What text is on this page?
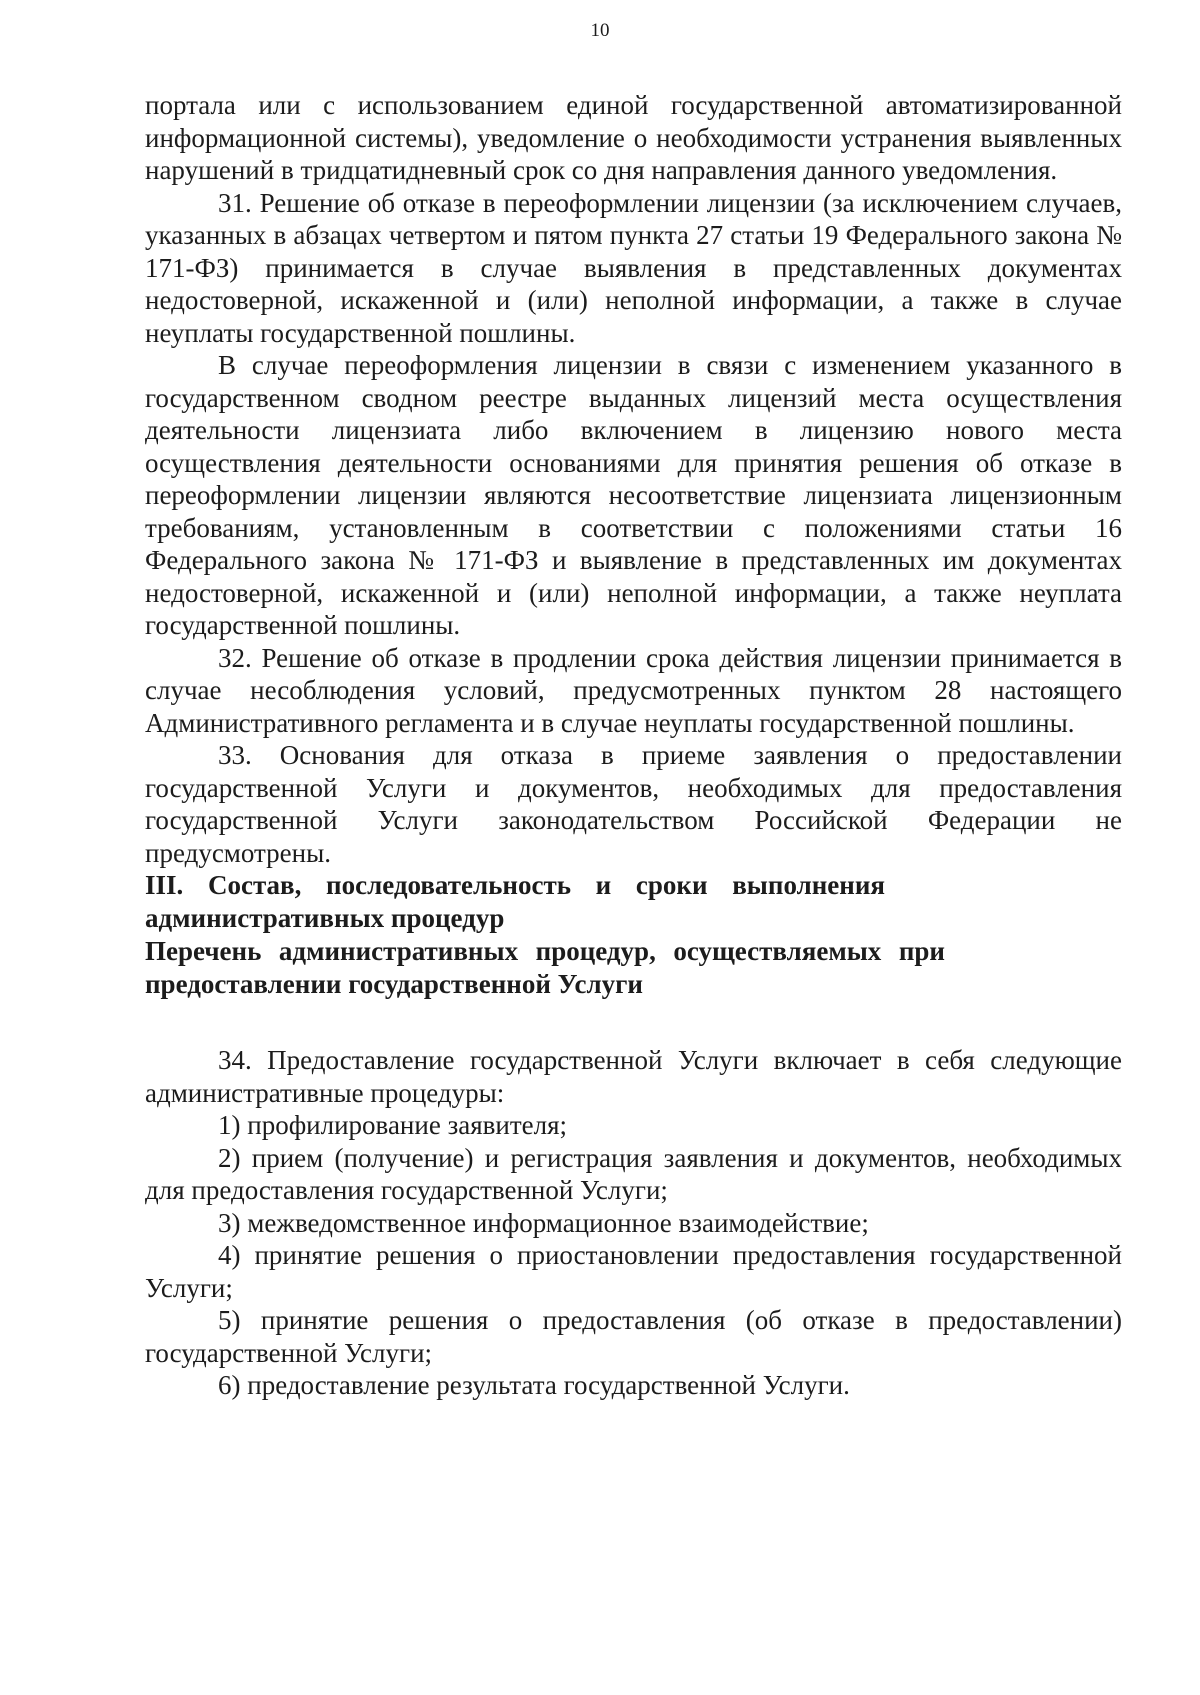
10

портала или с использованием единой государственной автоматизированной информационной системы), уведомление о необходимости устранения выявленных нарушений в тридцатидневный срок со дня направления данного уведомления.

31. Решение об отказе в переоформлении лицензии (за исключением случаев, указанных в абзацах четвертом и пятом пункта 27 статьи 19 Федерального закона № 171-ФЗ) принимается в случае выявления в представленных документах недостоверной, искаженной и (или) неполной информации, а также в случае неуплаты государственной пошлины.

В случае переоформления лицензии в связи с изменением указанного в государственном сводном реестре выданных лицензий места осуществления деятельности лицензиата либо включением в лицензию нового места осуществления деятельности основаниями для принятия решения об отказе в переоформлении лицензии являются несоответствие лицензиата лицензионным требованиям, установленным в соответствии с положениями статьи 16 Федерального закона № 171-ФЗ и выявление в представленных им документах недостоверной, искаженной и (или) неполной информации, а также неуплата государственной пошлины.

32. Решение об отказе в продлении срока действия лицензии принимается в случае несоблюдения условий, предусмотренных пунктом 28 настоящего Административного регламента и в случае неуплаты государственной пошлины.

33. Основания для отказа в приеме заявления о предоставлении государственной Услуги и документов, необходимых для предоставления государственной Услуги законодательством Российской Федерации не предусмотрены.

III. Состав, последовательность и сроки выполнения административных процедур

Перечень административных процедур, осуществляемых при предоставлении государственной Услуги

34. Предоставление государственной Услуги включает в себя следующие административные процедуры:

1) профилирование заявителя;

2) прием (получение) и регистрация заявления и документов, необходимых для предоставления государственной Услуги;

3) межведомственное информационное взаимодействие;

4) принятие решения о приостановлении предоставления государственной Услуги;

5) принятие решения о предоставления (об отказе в предоставлении) государственной Услуги;

6) предоставление результата государственной Услуги.
